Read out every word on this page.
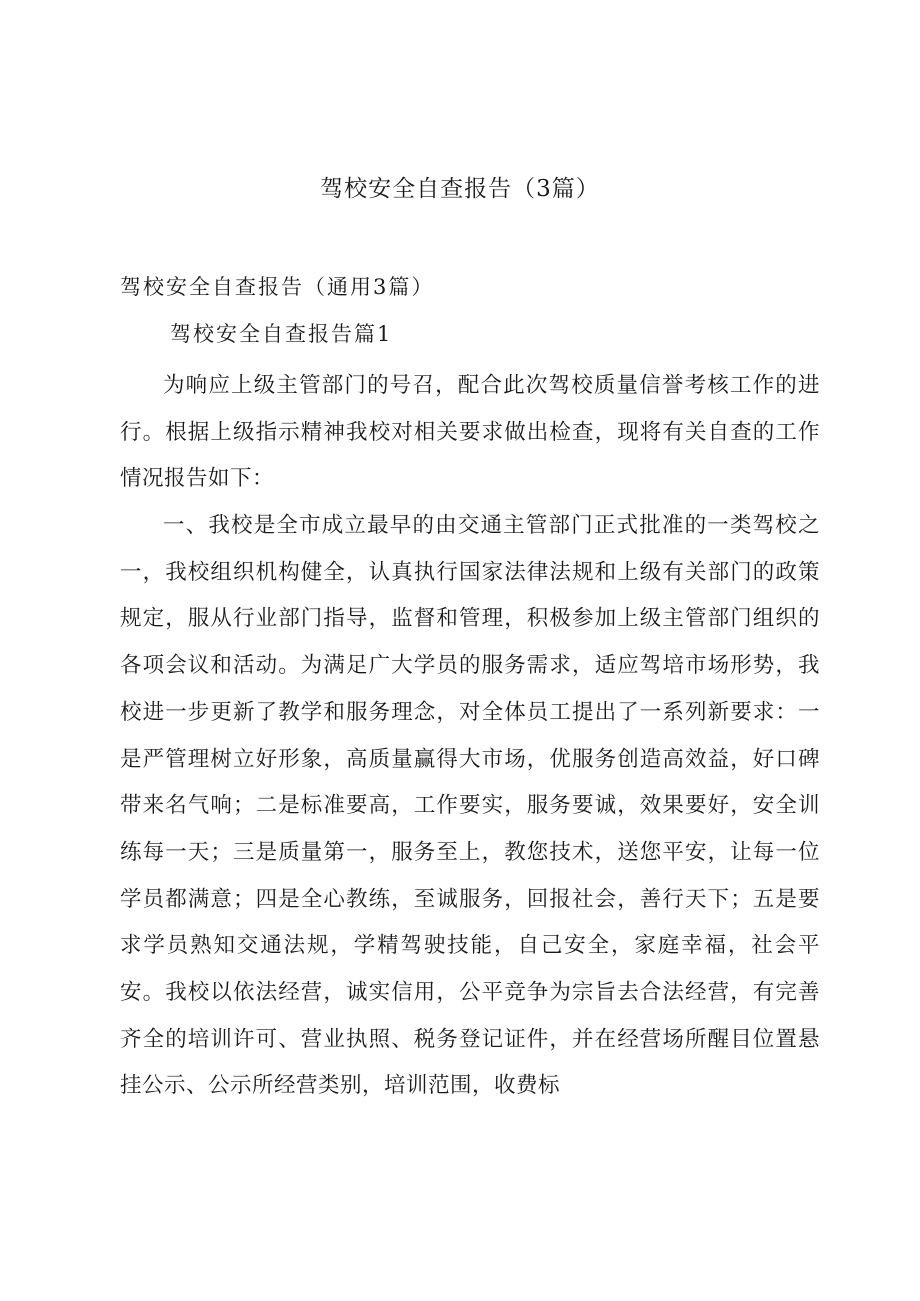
驾校安全自查报告（3篇）
驾校安全自查报告（通用3篇）
驾校安全自查报告篇1

为响应上级主管部门的号召，配合此次驾校质量信誉考核工作的进行。根据上级指示精神我校对相关要求做出检查，现将有关自查的工作情况报告如下：

一、我校是全市成立最早的由交通主管部门正式批准的一类驾校之一，我校组织机构健全，认真执行国家法律法规和上级有关部门的政策规定，服从行业部门指导，监督和管理，积极参加上级主管部门组织的各项会议和活动。为满足广大学员的服务需求，适应驾培市场形势，我校进一步更新了教学和服务理念，对全体员工提出了一系列新要求：一是严管理树立好形象，高质量赢得大市场，优服务创造高效益，好口碑带来名气响；二是标准要高，工作要实，服务要诚，效果要好，安全训练每一天；三是质量第一，服务至上，教您技术，送您平安，让每一位学员都满意；四是全心教练，至诚服务，回报社会，善行天下；五是要求学员熟知交通法规，学精驾驶技能，自己安全，家庭幸福，社会平安。我校以依法经营，诚实信用，公平竞争为宗旨去合法经营，有完善齐全的培训许可、营业执照、税务登记证件，并在经营场所醒目位置悬挂公示、公示所经营类别，培训范围，收费标
